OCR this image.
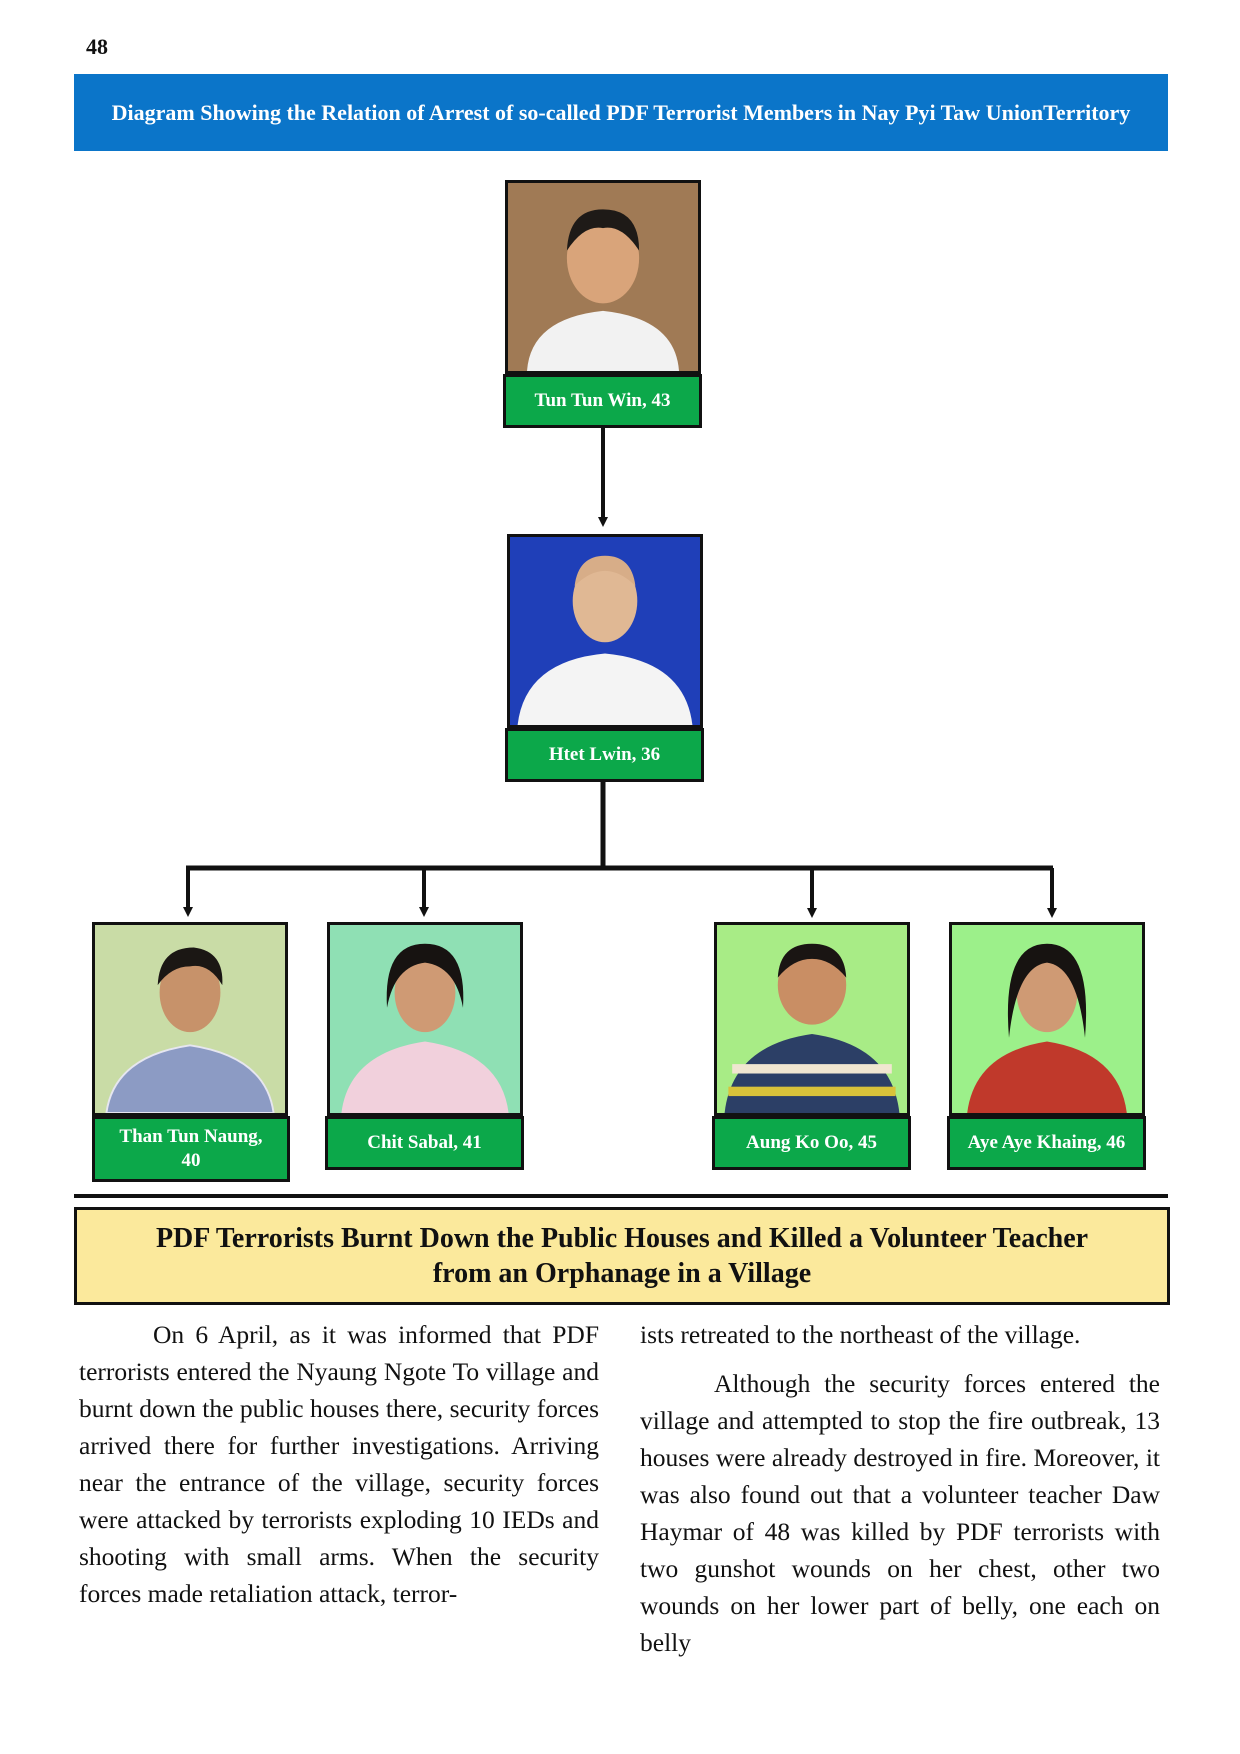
48
Diagram Showing the Relation of Arrest of so-called PDF Terrorist Members in Nay Pyi Taw Union Territory
Tun Tun Win, 43
Htet Lwin, 36
Than Tun Naung,
40
Chit Sabal, 41	Aung Ko Oo, 45	Aye Aye Khaing, 46
PDF Terrorists Burnt Down the Public Houses and Killed a Volunteer Teacher
from an Orphanage in a Village

On 6 April, as it was informed that PDF terrorists entered the Nyaung Ngote To village and burnt down the public houses there, security forces arrived there for further investigations. Arriving near the entrance of the village, security forces were attacked by terrorists exploding 10 IEDs and shooting with small arms. When the security forces made retaliation attack, terror-

ists retreated to the northeast of the village.

Although the security forces entered the village and attempted to stop the fire outbreak, 13 houses were already destroyed in fire. Moreover, it was also found out that a volunteer teacher Daw Haymar of 48 was killed by PDF terrorists with two gunshot wounds on her chest, other two wounds on her lower part of belly, one each on belly
